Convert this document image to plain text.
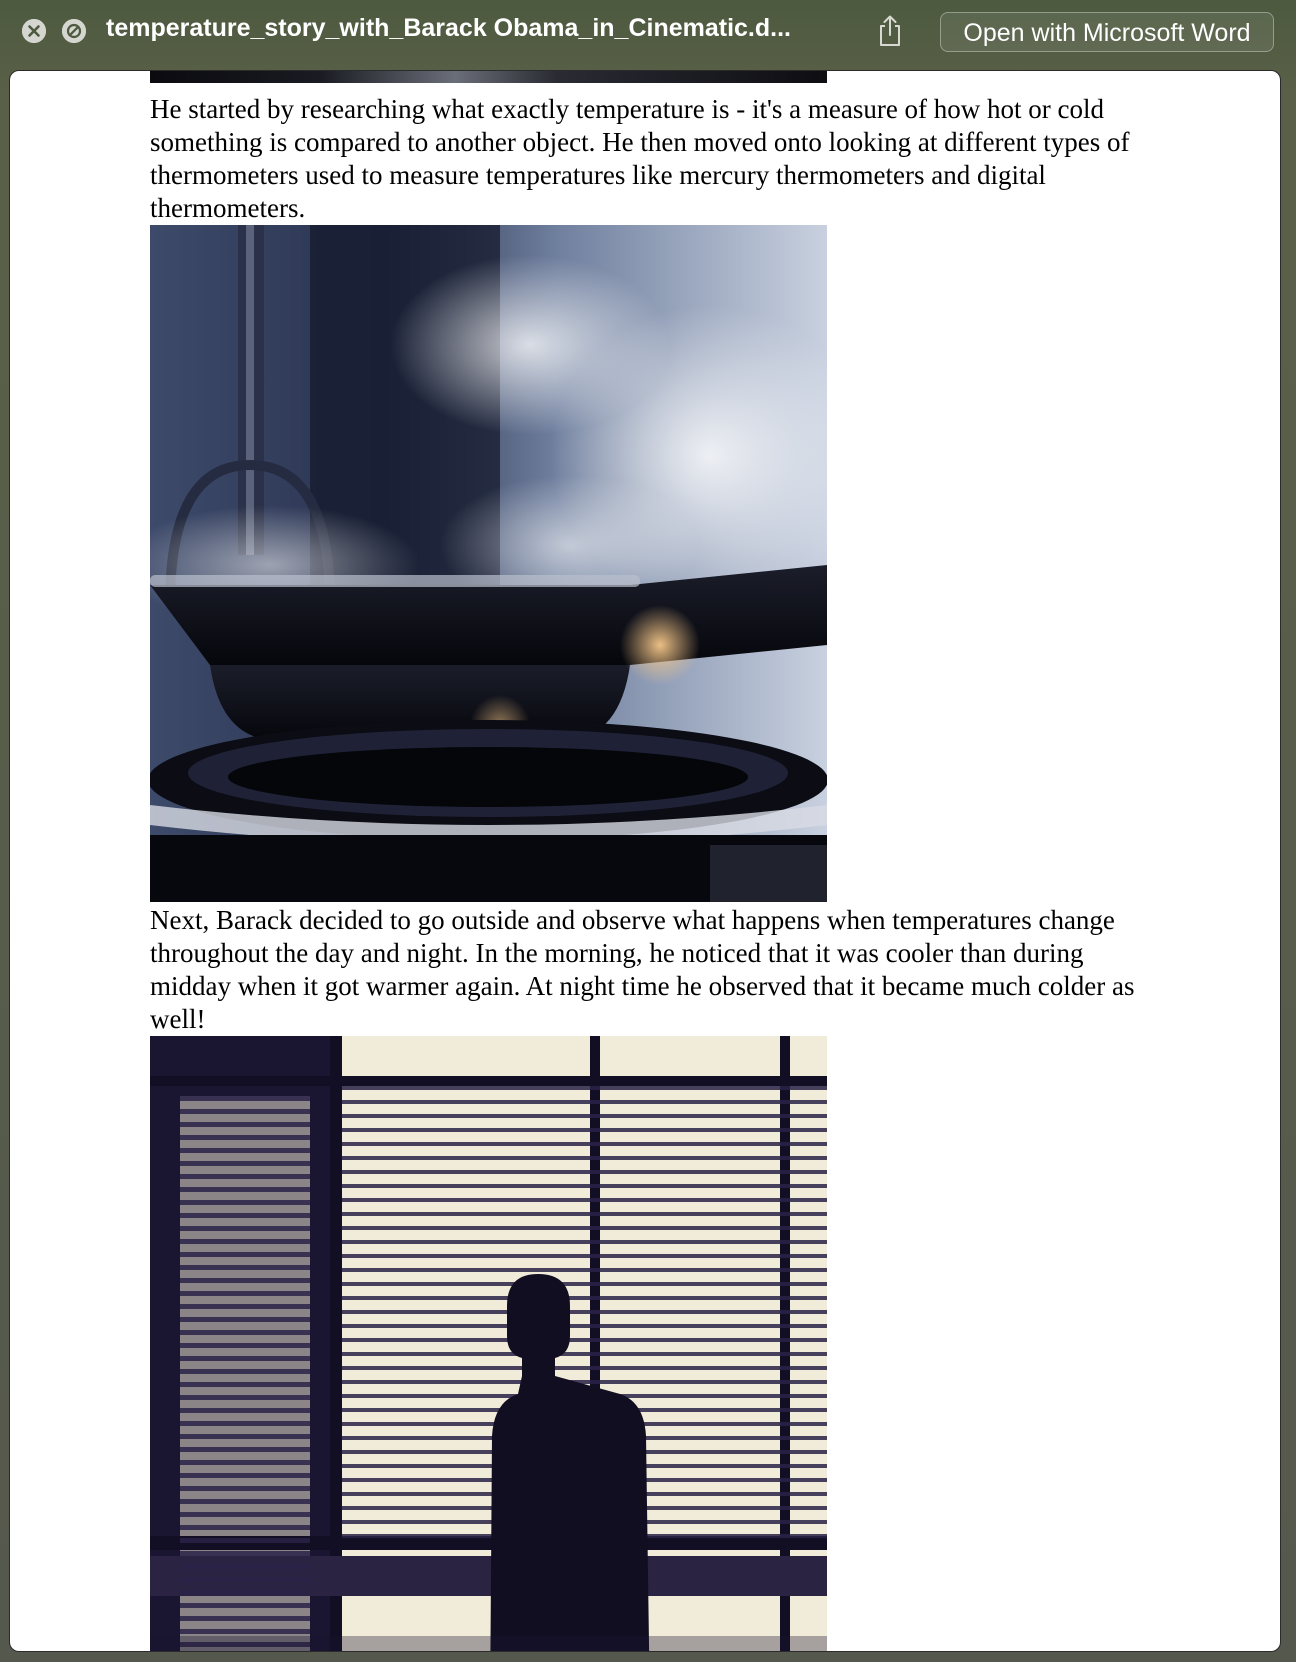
temperature_story_with_Barack Obama_in_Cinematic.d...	Open with Microsoft Word

He started by researching what exactly temperature is - it's a measure of how hot or cold something is compared to another object. He then moved onto looking at different types of thermometers used to measure temperatures like mercury thermometers and digital thermometers.

Next, Barack decided to go outside and observe what happens when temperatures change throughout the day and night. In the morning, he noticed that it was cooler than during midday when it got warmer again. At night time he observed that it became much colder as well!
